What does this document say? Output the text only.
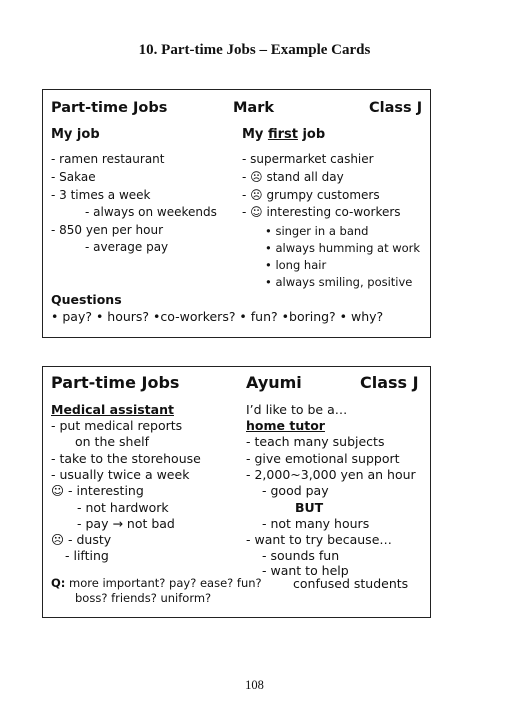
10. Part-time Jobs – Example Cards
Part-time Jobs	Mark	Class J
My job
- ramen restaurant
- Sakae
- 3 times a week
- always on weekends
- 850 yen per hour
- average pay
My first job
- supermarket cashier
- ☹ stand all day
- ☹ grumpy customers
- ☺ interesting co-workers
• singer in a band
• always humming at work
• long hair
• always smiling, positive
Questions
• pay? • hours? •co-workers? • fun? •boring? • why?
Part-time Jobs	Ayumi	Class J
Medical assistant
- put medical reports
on the shelf
- take to the storehouse
- usually twice a week
☺ - interesting
- not hardwork
- pay → not bad
☹ - dusty
- lifting
I’d like to be a…
home tutor
- teach many subjects
- give emotional support
- 2,000~3,000 yen an hour
- good pay
BUT
- not many hours
- want to try because…
- sounds fun
- want to help
confused students
Q: more important? pay? ease? fun?
boss? friends? uniform?
108
